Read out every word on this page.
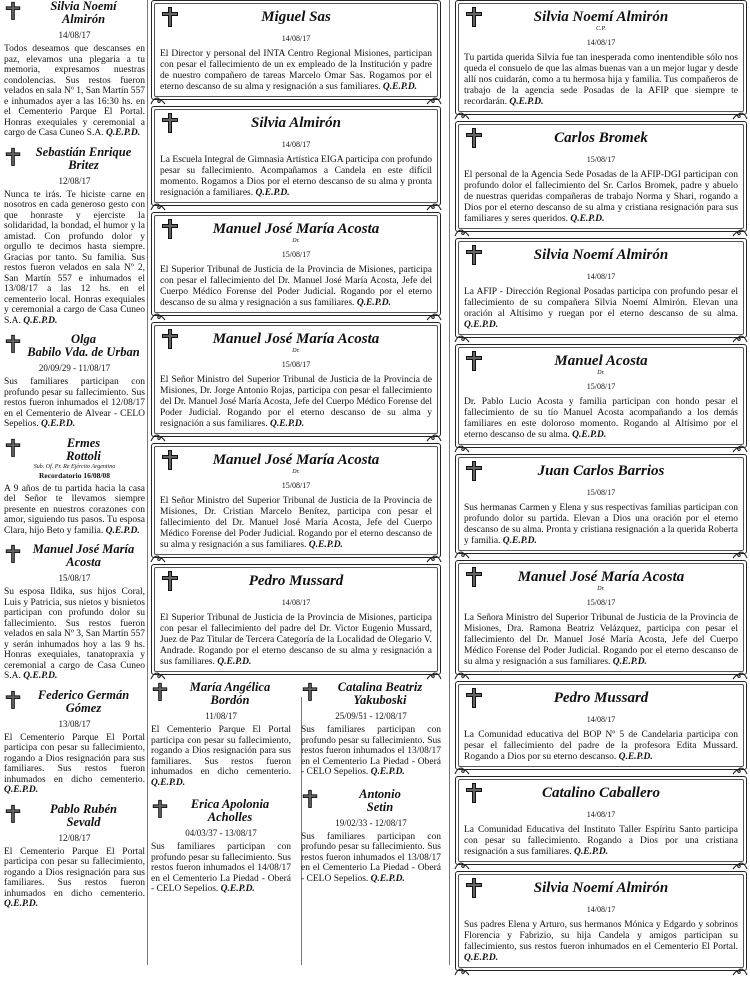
Silvia Noemí
Almirón
14/08/17
Todos deseamos que descanses en paz, elevamos una plegaria a tu memoria, expresamos nuestras condolencias. Sus restos fueron velados en sala Nº 1, San Martín 557 e inhumados ayer a las 16:30 hs. en el Cementerio Parque El Portal. Honras exequiales y ceremonial a cargo de Casa Cuneo S.A. Q.E.P.D.
Sebastián Enrique
Britez
12/08/17
Nunca te irás. Te hiciste carne en nosotros en cada generoso gesto con que honraste y ejerciste la solidaridad, la bondad, el humor y la amistad. Con profundo dolor y orgullo te decimos hasta siempre. Gracias por tanto. Su familia. Sus restos fueron velados en sala Nº 2, San Martín 557 e inhumados el 13/08/17 a las 12 hs. en el cementerio local. Honras exequiales y ceremonial a cargo de Casa Cuneo S.A. Q.E.P.D.
Olga
Babilo Vda. de Urban
20/09/29 - 11/08/17
Sus familiares participan con profundo pesar su fallecimiento. Sus restos fueron inhumados el 12/08/17 en el Cementerio de Alvear - CELO Sepelios. Q.E.P.D.
Ermes
Rottoli
Sub. Of. Pr. Re Ejército Argentino
Recordatorio 16/08/08
A 9 años de tu partida hacia la casa del Señor te llevamos siempre presente en nuestros corazones con amor, siguiendo tus pasos. Tu esposa Clara, hijo Beto y familia. Q.E.P.D.
Manuel José María
Acosta
15/08/17
Su esposa Ildika, sus hijos Coral, Luis y Patricia, sus nietos y bisnietos participan con profundo dolor su fallecimiento. Sus restos fueron velados en sala Nº 3, San Martín 557 y serán inhumados hoy a las 9 hs. Honras exequiales, tanatopraxia y ceremonial a cargo de Casa Cuneo S.A. Q.E.P.D.
Federico Germán
Gómez
13/08/17
El Cementerio Parque El Portal participa con pesar su fallecimiento, rogando a Dios resignación para sus familiares. Sus restos fueron inhumados en dicho cementerio. Q.E.P.D.
Pablo Rubén
Sevald
12/08/17
El Cementerio Parque El Portal participa con pesar su fallecimiento, rogando a Dios resignación para sus familiares. Sus restos fueron inhumados en dicho cementerio. Q.E.P.D.
Miguel Sas
14/08/17
El Director y personal del INTA Centro Regional Misiones, participan con pesar el fallecimiento de un ex empleado de la Institución y padre de nuestro compañero de tareas Marcelo Omar Sas. Rogamos por el eterno descanso de su alma y resignación a sus familiares. Q.E.P.D.
Silvia Almirón
14/08/17
La Escuela Integral de Gimnasia Artística EIGA participa con profundo pesar su fallecimiento. Acompañamos a Candela en este difícil momento. Rogamos a Dios por el eterno descanso de su alma y pronta resignación a familiares. Q.E.P.D.
Manuel José María Acosta
Dr.
15/08/17
El Superior Tribunal de Justicia de la Provincia de Misiones, participa con pesar el fallecimiento del Dr. Manuel José María Acosta, Jefe del Cuerpo Médico Forense del Poder Judicial. Rogando por el eterno descanso de su alma y resignación a sus familiares. Q.E.P.D.
Manuel José María Acosta
Dr.
15/08/17
El Señor Ministro del Superior Tribunal de Justicia de la Provincia de Misiones, Dr. Jorge Antonio Rojas, participa con pesar el fallecimiento del Dr. Manuel José María Acosta, Jefe del Cuerpo Médico Forense del Poder Judicial. Rogando por el eterno descanso de su alma y resignación a sus familiares. Q.E.P.D.
Manuel José María Acosta
Dr.
15/08/17
El Señor Ministro del Superior Tribunal de Justicia de la Provincia de Misiones, Dr. Cristian Marcelo Benítez, participa con pesar el fallecimiento del Dr. Manuel José María Acosta, Jefe del Cuerpo Médico Forense del Poder Judicial. Rogando por el eterno descanso de su alma y resignación a sus familiares. Q.E.P.D.
Pedro Mussard
14/08/17
El Superior Tribunal de Justicia de la Provincia de Misiones, participa con pesar el fallecimiento del padre del Dr. Victor Eugenio Mussard, Juez de Paz Titular de Tercera Categoría de la Localidad de Olegario V. Andrade. Rogando por el eterno descanso de su alma y resignación a sus familiares. Q.E.P.D.
María Angélica
Bordón
11/08/17
El Cementerio Parque El Portal participa con pesar su fallecimiento, rogando a Dios resignación para sus familiares. Sus restos fueron inhumados en dicho cementerio. Q.E.P.D.
Erica Apolonia
Acholles
04/03/37 - 13/08/17
Sus familiares participan con profundo pesar su fallecimiento. Sus restos fueron inhumados el 14/08/17 en el Cementerio La Piedad - Oberá - CELO Sepelios. Q.E.P.D.
Catalina Beatriz
Yakuboski
25/09/51 - 12/08/17
Sus familiares participan con profundo pesar su fallecimiento. Sus restos fueron inhumados el 13/08/17 en el Cementerio La Piedad - Oberá - CELO Sepelios. Q.E.P.D.
Antonio
Setin
19/02/33 - 12/08/17
Sus familiares participan con profundo pesar su fallecimiento. Sus restos fueron inhumados el 13/08/17 en el Cementerio La Piedad - Oberá - CELO Sepelios. Q.E.P.D.
Silvia Noemí Almirón
C.P.
14/08/17
Tu partida querida Silvia fue tan inesperada como inentendible sólo nos queda el consuelo de que las almas buenas van a un mejor lugar y desde allí nos cuidarán, como a tu hermosa hija y familia. Tus compañeros de trabajo de la agencia sede Posadas de la AFIP que siempre te recordarán. Q.E.P.D.
Carlos Bromek
15/08/17
El personal de la Agencia Sede Posadas de la AFIP-DGI participan con profundo dolor el fallecimiento del Sr. Carlos Bromek, padre y abuelo de nuestras queridas compañeras de trabajo Norma y Shari, rogando a Dios por el eterno descanso de su alma y cristiana resignación para sus familiares y seres queridos. Q.E.P.D.
Silvia Noemí Almirón
14/08/17
La AFIP - Dirección Regional Posadas participa con profundo pesar el fallecimiento de su compañera Silvia Noemí Almirón. Elevan una oración al Altísimo y ruegan por el eterno descanso de su alma. Q.E.P.D.
Manuel Acosta
Dr.
15/08/17
Dr. Pablo Lucio Acosta y familia participan con hondo pesar el fallecimiento de su tío Manuel Acosta acompañando a los demás familiares en este doloroso momento. Rogando al Altísimo por el eterno descanso de su alma. Q.E.P.D.
Juan Carlos Barrios
15/08/17
Sus hermanas Carmen y Elena y sus respectivas familias participan con profundo dolor su partida. Elevan a Dios una oración por el eterno descanso de su alma. Pronta y cristiana resignación a la querida Roberta y familia. Q.E.P.D.
Manuel José María Acosta
Dr.
15/08/17
La Señora Ministro del Superior Tribunal de Justicia de la Provincia de Misiones, Dra. Ramona Beatriz Velázquez, participa con pesar el fallecimiento del Dr. Manuel José María Acosta, Jefe del Cuerpo Médico Forense del Poder Judicial. Rogando por el eterno descanso de su alma y resignación a sus familiares. Q.E.P.D.
Pedro Mussard
14/08/17
La Comunidad educativa del BOP Nº 5 de Candelaria participa con pesar el fallecimiento del padre de la profesora Edita Mussard. Rogando a Dios por su eterno descanso. Q.E.P.D.
Catalino Caballero
14/08/17
La Comunidad Educativa del Instituto Taller Espíritu Santo participa con pesar su fallecimiento. Rogando a Dios por una cristiana resignación a sus familiares. Q.E.P.D.
Silvia Noemí Almirón
14/08/17
Sus padres Elena y Arturo, sus hermanos Mónica y Edgardo y sobrinos Florencia y Fabrizio, su hija Candela y amigos participan su fallecimiento, sus restos fueron inhumados en el Cementerio El Portal. Q.E.P.D.
